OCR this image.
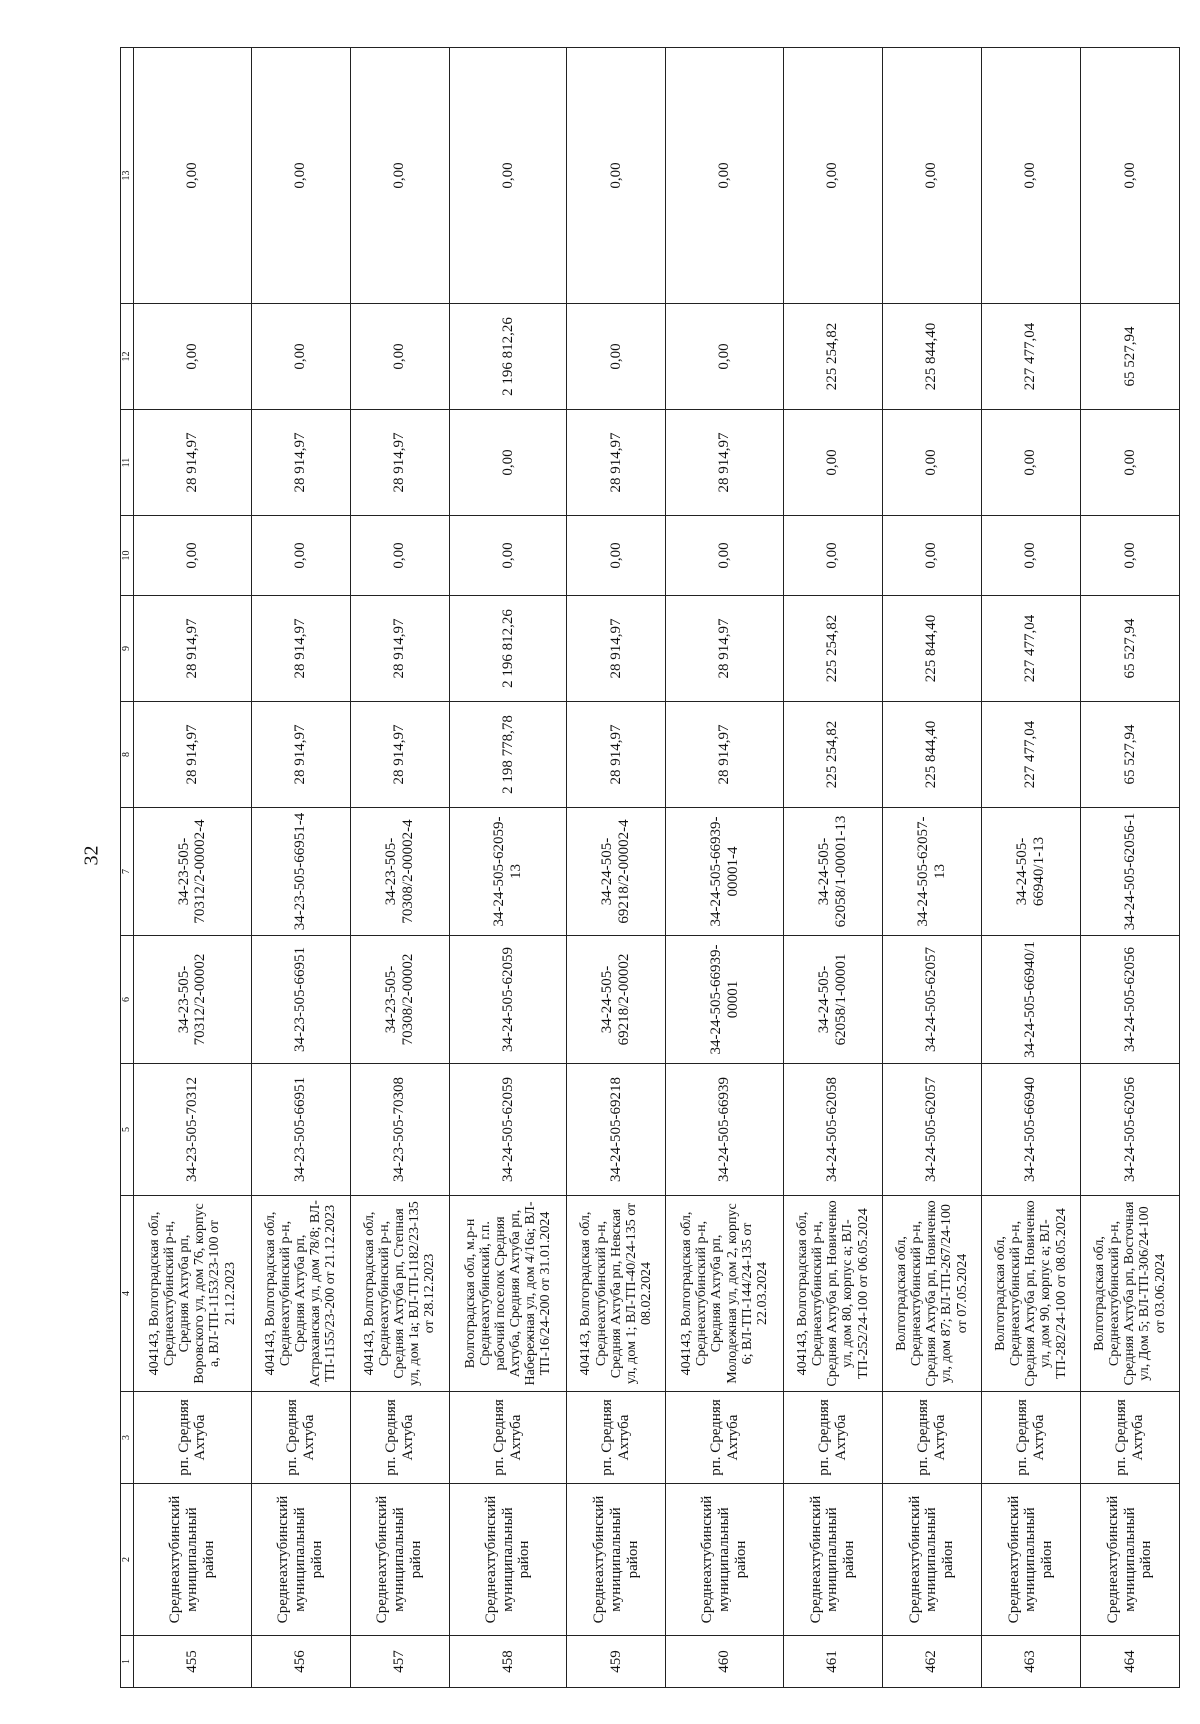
32
1	2	3	4	5	6	7	8	9	10	11	12	13
455	Среднеахтубинский муниципальный район	рп. Средняя Ахтуба	404143, Волгоградская обл, Среднеахтубинский р-н, Средняя Ахтуба рп, Воровского ул, дом 76, корпус а, ВЛ-ТП-1153/23-100 от 21.12.2023	34-23-505-70312	34-23-505-70312/2-00002	34-23-505-70312/2-00002-4	28 914,97	28 914,97	0,00	28 914,97	0,00	0,00
456	Среднеахтубинский муниципальный район	рп. Средняя Ахтуба	404143, Волгоградская обл, Среднеахтубинский р-н, Средняя Ахтуба рп, Астраханская ул, дом 78/8; ВЛ-ТП-1155/23-200 от 21.12.2023	34-23-505-66951	34-23-505-66951	34-23-505-66951-4	28 914,97	28 914,97	0,00	28 914,97	0,00	0,00
457	Среднеахтубинский муниципальный район	рп. Средняя Ахтуба	404143, Волгоградская обл, Среднеахтубинский р-н, Средняя Ахтуба рп, Степная ул, дом 1а; ВЛ-ТП-1182/23-135 от 28.12.2023	34-23-505-70308	34-23-505-70308/2-00002	34-23-505-70308/2-00002-4	28 914,97	28 914,97	0,00	28 914,97	0,00	0,00
458	Среднеахтубинский муниципальный район	рп. Средняя Ахтуба	Волгоградская обл, м.р-н Среднеахтубинский, г.п. рабочий поселок Средняя Ахтуба, Средняя Ахтуба рп, Набережная ул, дом 4/16а; ВЛ-ТП-16/24-200 от 31.01.2024	34-24-505-62059	34-24-505-62059	34-24-505-62059-13	2 198 778,78	2 196 812,26	0,00	0,00	2 196 812,26	0,00
459	Среднеахтубинский муниципальный район	рп. Средняя Ахтуба	404143, Волгоградская обл, Среднеахтубинский р-н, Средняя Ахтуба рп, Невская ул, дом 1; ВЛ-ТП-40/24-135 от 08.02.2024	34-24-505-69218	34-24-505-69218/2-00002	34-24-505-69218/2-00002-4	28 914,97	28 914,97	0,00	28 914,97	0,00	0,00
460	Среднеахтубинский муниципальный район	рп. Средняя Ахтуба	404143, Волгоградская обл, Среднеахтубинский р-н, Средняя Ахтуба рп, Молодежная ул, дом 2, корпус 6; ВЛ-ТП-144/24-135 от 22.03.2024	34-24-505-66939	34-24-505-66939-00001	34-24-505-66939-00001-4	28 914,97	28 914,97	0,00	28 914,97	0,00	0,00
461	Среднеахтубинский муниципальный район	рп. Средняя Ахтуба	404143, Волгоградская обл, Среднеахтубинский р-н, Средняя Ахтуба рп, Новиченко ул, дом 80, корпус а; ВЛ-ТП-252/24-100 от 06.05.2024	34-24-505-62058	34-24-505-62058/1-00001	34-24-505-62058/1-00001-13	225 254,82	225 254,82	0,00	0,00	225 254,82	0,00
462	Среднеахтубинский муниципальный район	рп. Средняя Ахтуба	Волгоградская обл, Среднеахтубинский р-н, Средняя Ахтуба рп, Новиченко ул, дом 87; ВЛ-ТП-267/24-100 от 07.05.2024	34-24-505-62057	34-24-505-62057	34-24-505-62057-13	225 844,40	225 844,40	0,00	0,00	225 844,40	0,00
463	Среднеахтубинский муниципальный район	рп. Средняя Ахтуба	Волгоградская обл, Среднеахтубинский р-н, Средняя Ахтуба рп, Новиченко ул, дом 90, корпус а; ВЛ-ТП-282/24-100 от 08.05.2024	34-24-505-66940	34-24-505-66940/1	34-24-505-66940/1-13	227 477,04	227 477,04	0,00	0,00	227 477,04	0,00
464	Среднеахтубинский муниципальный район	рп. Средняя Ахтуба	Волгоградская обл, Среднеахтубинский р-н, Средняя Ахтуба рп, Восточная ул, Дом 5; ВЛ-ТП-306/24-100 от 03.06.2024	34-24-505-62056	34-24-505-62056	34-24-505-62056-1	65 527,94	65 527,94	0,00	0,00	65 527,94	0,00
